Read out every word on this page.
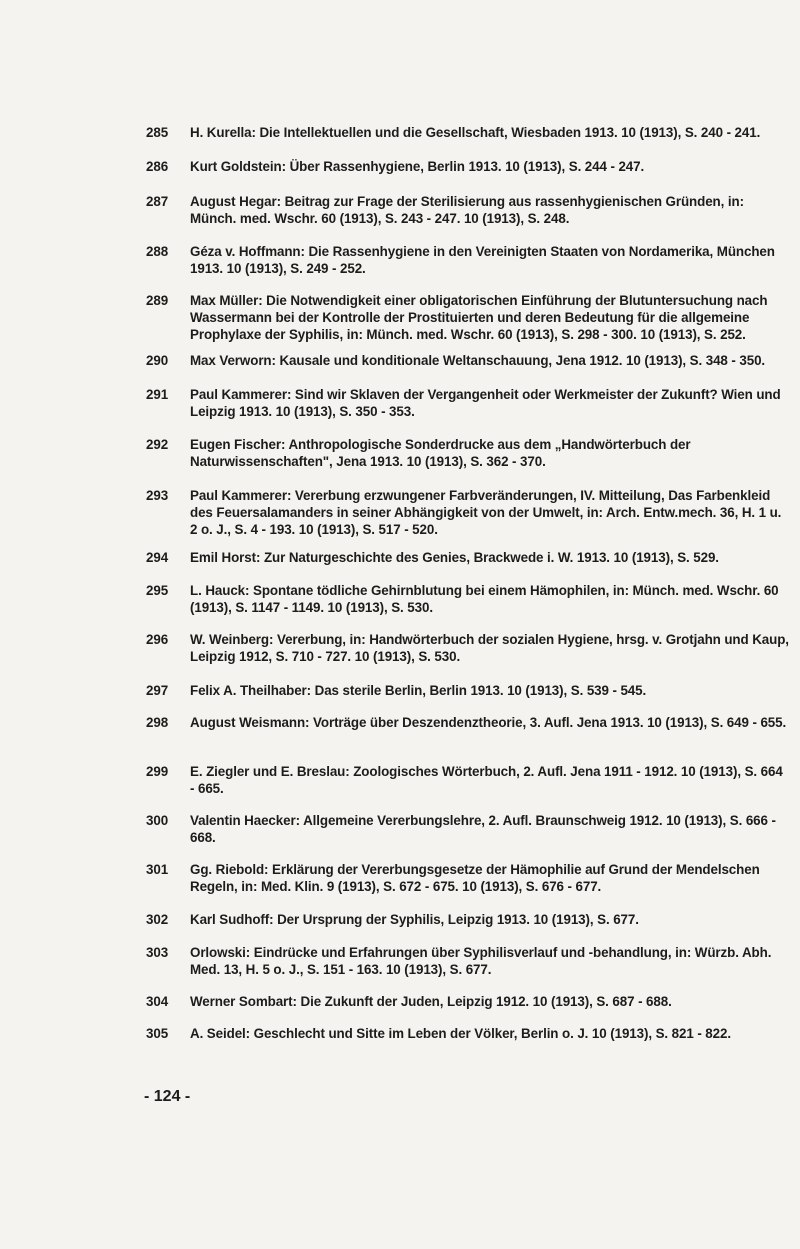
285	H. Kurella: Die Intellektuellen und die Gesellschaft, Wiesbaden 1913. 10 (1913), S. 240 - 241.
286	Kurt Goldstein: Über Rassenhygiene, Berlin 1913. 10 (1913), S. 244 - 247.
287	August Hegar: Beitrag zur Frage der Sterilisierung aus rassenhygienischen Gründen, in: Münch. med. Wschr. 60 (1913), S. 243 - 247. 10 (1913), S. 248.
288	Géza v. Hoffmann: Die Rassenhygiene in den Vereinigten Staaten von Nordamerika, München 1913. 10 (1913), S. 249 - 252.
289	Max Müller: Die Notwendigkeit einer obligatorischen Einführung der Blutuntersuchung nach Wassermann bei der Kontrolle der Prostituierten und deren Bedeutung für die allgemeine Prophylaxe der Syphilis, in: Münch. med. Wschr. 60 (1913), S. 298 - 300. 10 (1913), S. 252.
290	Max Verworn: Kausale und konditionale Weltanschauung, Jena 1912. 10 (1913), S. 348 - 350.
291	Paul Kammerer: Sind wir Sklaven der Vergangenheit oder Werkmeister der Zukunft? Wien und Leipzig 1913. 10 (1913), S. 350 - 353.
292	Eugen Fischer: Anthropologische Sonderdrucke aus dem „Handwörterbuch der Naturwissenschaften", Jena 1913. 10 (1913), S. 362 - 370.
293	Paul Kammerer: Vererbung erzwungener Farbveränderungen, IV. Mitteilung, Das Farbenkleid des Feuersalamanders in seiner Abhängigkeit von der Umwelt, in: Arch. Entw.mech. 36, H. 1 u. 2 o. J., S. 4 - 193. 10 (1913), S. 517 - 520.
294	Emil Horst: Zur Naturgeschichte des Genies, Brackwede i. W. 1913. 10 (1913), S. 529.
295	L. Hauck: Spontane tödliche Gehirnblutung bei einem Hämophilen, in: Münch. med. Wschr. 60 (1913), S. 1147 - 1149. 10 (1913), S. 530.
296	W. Weinberg: Vererbung, in: Handwörterbuch der sozialen Hygiene, hrsg. v. Grotjahn und Kaup, Leipzig 1912, S. 710 - 727. 10 (1913), S. 530.
297	Felix A. Theilhaber: Das sterile Berlin, Berlin 1913. 10 (1913), S. 539 - 545.
298	August Weismann: Vorträge über Deszendenztheorie, 3. Aufl. Jena 1913. 10 (1913), S. 649 - 655.
299	E. Ziegler und E. Breslau: Zoologisches Wörterbuch, 2. Aufl. Jena 1911 - 1912. 10 (1913), S. 664 - 665.
300	Valentin Haecker: Allgemeine Vererbungslehre, 2. Aufl. Braunschweig 1912. 10 (1913), S. 666 - 668.
301	Gg. Riebold: Erklärung der Vererbungsgesetze der Hämophilie auf Grund der Mendelschen Regeln, in: Med. Klin. 9 (1913), S. 672 - 675. 10 (1913), S. 676 - 677.
302	Karl Sudhoff: Der Ursprung der Syphilis, Leipzig 1913. 10 (1913), S. 677.
303	Orlowski: Eindrücke und Erfahrungen über Syphilisverlauf und -behandlung, in: Würzb. Abh. Med. 13, H. 5 o. J., S. 151 - 163. 10 (1913), S. 677.
304	Werner Sombart: Die Zukunft der Juden, Leipzig 1912. 10 (1913), S. 687 - 688.
305	A. Seidel: Geschlecht und Sitte im Leben der Völker, Berlin o. J. 10 (1913), S. 821 - 822.
- 124 -
